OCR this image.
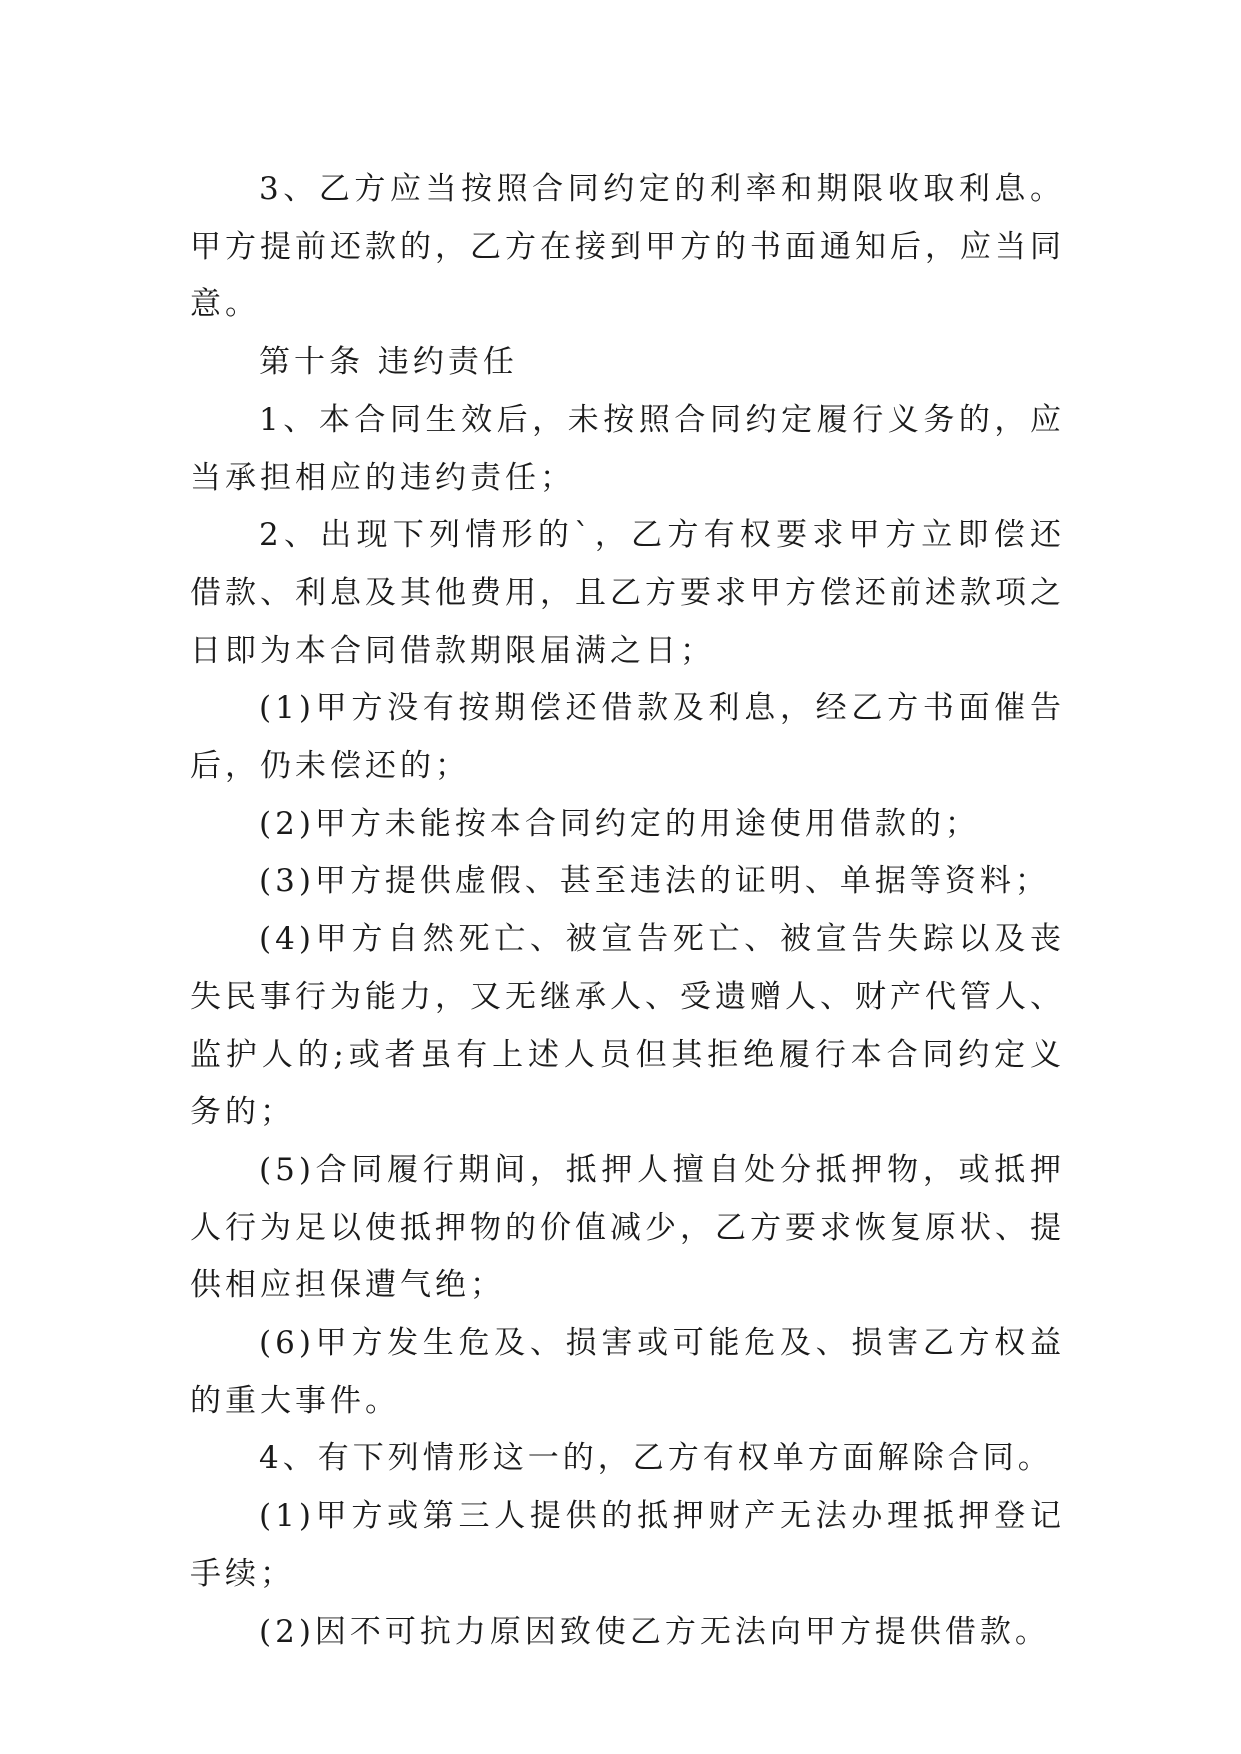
3、乙方应当按照合同约定的利率和期限收取利息。甲方提前还款的，乙方在接到甲方的书面通知后，应当同意。

第十条 违约责任

1、本合同生效后，未按照合同约定履行义务的，应当承担相应的违约责任；

2、出现下列情形的`，乙方有权要求甲方立即偿还借款、利息及其他费用，且乙方要求甲方偿还前述款项之日即为本合同借款期限届满之日；

(1)甲方没有按期偿还借款及利息，经乙方书面催告后，仍未偿还的；

(2)甲方未能按本合同约定的用途使用借款的；

(3)甲方提供虚假、甚至违法的证明、单据等资料；

(4)甲方自然死亡、被宣告死亡、被宣告失踪以及丧失民事行为能力，又无继承人、受遗赠人、财产代管人、监护人的;或者虽有上述人员但其拒绝履行本合同约定义务的；

(5)合同履行期间，抵押人擅自处分抵押物，或抵押人行为足以使抵押物的价值减少，乙方要求恢复原状、提供相应担保遭气绝；

(6)甲方发生危及、损害或可能危及、损害乙方权益的重大事件。

4、有下列情形这一的，乙方有权单方面解除合同。

(1)甲方或第三人提供的抵押财产无法办理抵押登记手续；

(2)因不可抗力原因致使乙方无法向甲方提供借款。
